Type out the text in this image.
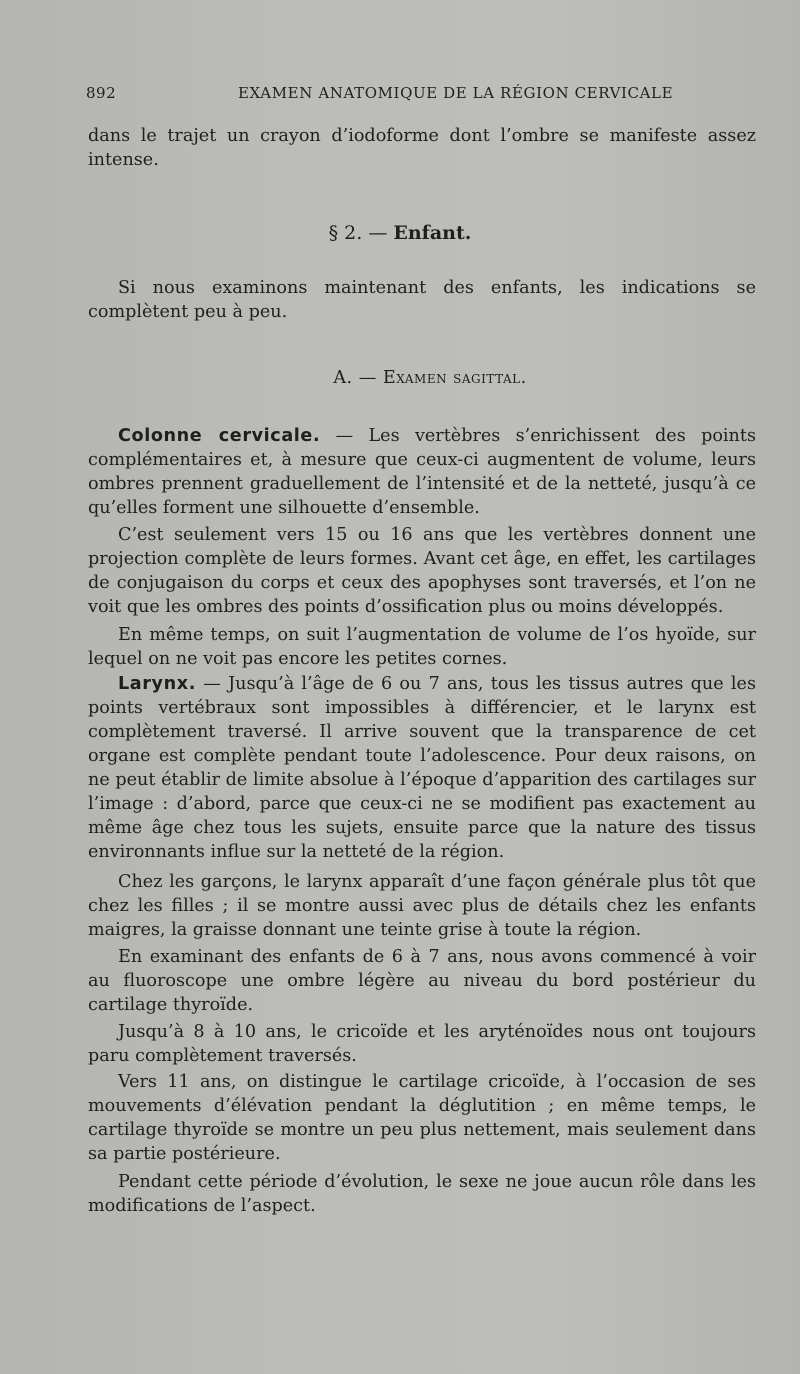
892	EXAMEN ANATOMIQUE DE LA RÉGION CERVICALE

dans le trajet un crayon d’iodoforme dont l’ombre se manifeste assez intense.

§ 2. — Enfant.

Si nous examinons maintenant des enfants, les indications se complètent peu à peu.

A. — Examen sagittal.

Colonne cervicale. — Les vertèbres s’enrichissent des points complémentaires et, à mesure que ceux-ci augmentent de volume, leurs ombres prennent graduellement de l’intensité et de la netteté, jusqu’à ce qu’elles forment une silhouette d’ensemble.

C’est seulement vers 15 ou 16 ans que les vertèbres donnent une projection complète de leurs formes. Avant cet âge, en effet, les cartilages de conjugaison du corps et ceux des apophyses sont traversés, et l’on ne voit que les ombres des points d’ossification plus ou moins développés.

En même temps, on suit l’augmentation de volume de l’os hyoïde, sur lequel on ne voit pas encore les petites cornes.

Larynx. — Jusqu’à l’âge de 6 ou 7 ans, tous les tissus autres que les points vertébraux sont impossibles à différencier, et le larynx est complètement traversé. Il arrive souvent que la transparence de cet organe est complète pendant toute l’adolescence. Pour deux raisons, on ne peut établir de limite absolue à l’époque d’apparition des cartilages sur l’image : d’abord, parce que ceux-ci ne se modifient pas exactement au même âge chez tous les sujets, ensuite parce que la nature des tissus environnants influe sur la netteté de la région.

Chez les garçons, le larynx apparaît d’une façon générale plus tôt que chez les filles ; il se montre aussi avec plus de détails chez les enfants maigres, la graisse donnant une teinte grise à toute la région.

En examinant des enfants de 6 à 7 ans, nous avons commencé à voir au fluoroscope une ombre légère au niveau du bord postérieur du cartilage thyroïde.

Jusqu’à 8 à 10 ans, le cricoïde et les aryténoïdes nous ont toujours paru complètement traversés.

Vers 11 ans, on distingue le cartilage cricoïde, à l’occasion de ses mouvements d’élévation pendant la déglutition ; en même temps, le cartilage thyroïde se montre un peu plus nettement, mais seulement dans sa partie postérieure.

Pendant cette période d’évolution, le sexe ne joue aucun rôle dans les modifications de l’aspect.
